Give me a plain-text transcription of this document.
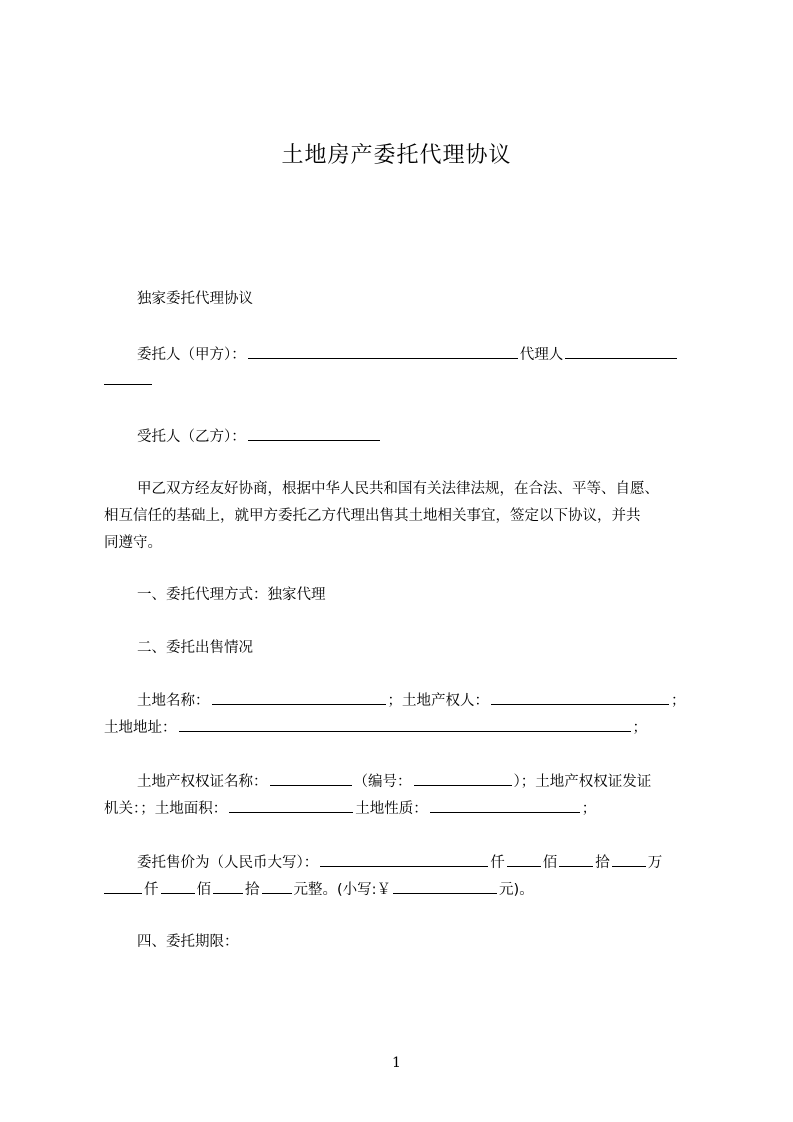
土地房产委托代理协议
独家委托代理协议
委托人（甲方）：	代理人
受托人（乙方）：
甲乙双方经友好协商，根据中华人民共和国有关法律法规，在合法、平等、自愿、
相互信任的基础上，就甲方委托乙方代理出售其土地相关事宜，签定以下协议，并共
同遵守。
一、委托代理方式：独家代理
二、委托出售情况
土地名称：	；土地产权人：	；
土地地址：	；
土地产权权证名称：	（编号：	）；土地产权权证发证
机关：；土地面积：	土地性质：	；
委托售价为（人民币大写）：	仟	佰	拾	万
仟	佰 拾 元整。(小写:￥	元)。
四、委托期限：
1
